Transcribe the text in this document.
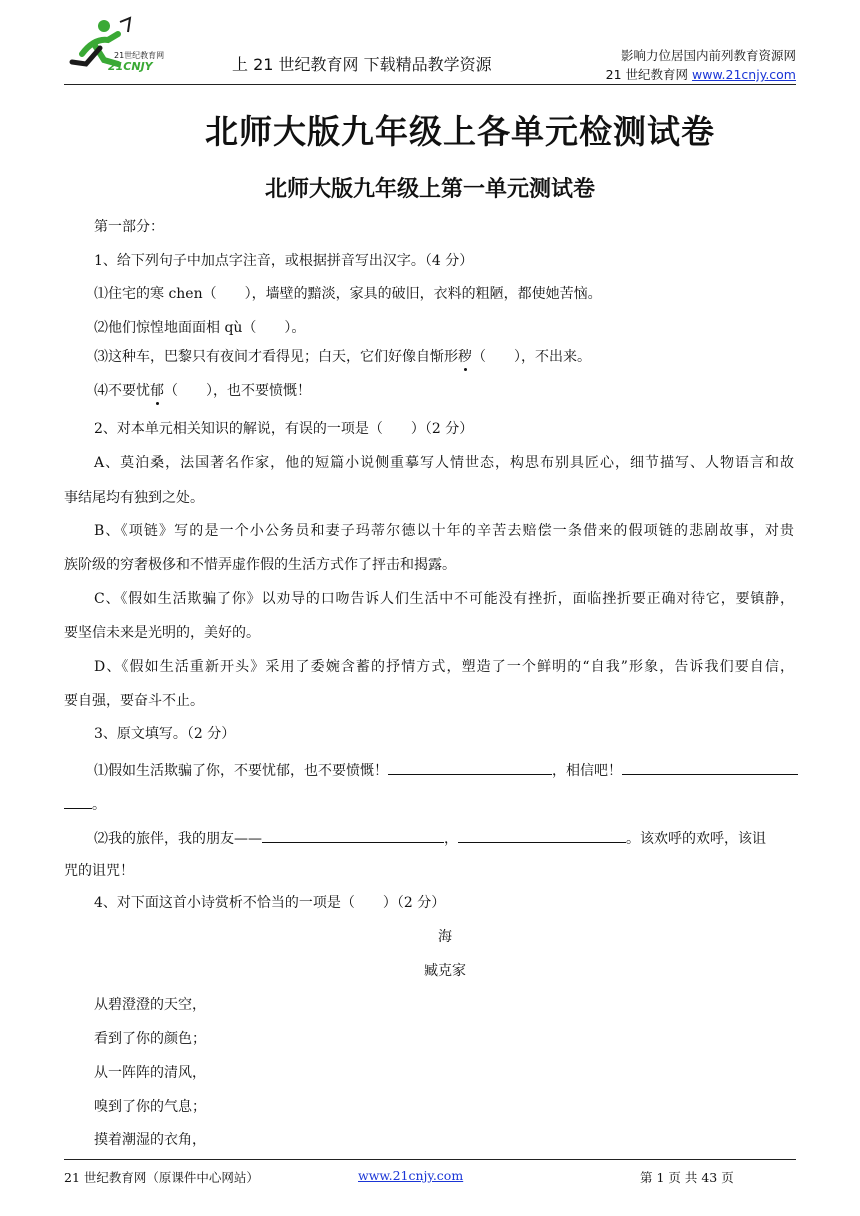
21世纪教育网
21CNJY	上 21 世纪教育网 下载精品教学资源	影响力位居国内前列教育资源网
21 世纪教育网 www.21cnjy.com
北师大版九年级上各单元检测试卷
北师大版九年级上第一单元测试卷
第一部分：
1、给下列句子中加点字注音，或根据拼音写出汉字。（4 分）
⑴住宅的寒 chen（　　），墙壁的黯淡，家具的破旧，衣料的粗陋，都使她苦恼。
⑵他们惊惶地面面相 qù（　　）。
⑶这种车，巴黎只有夜间才看得见；白天，它们好像自惭形秽（　　），不出来。
⑷不要忧郁（　　），也不要愤慨！
2、对本单元相关知识的解说，有误的一项是（　　）（2 分）
A、莫泊桑，法国著名作家，他的短篇小说侧重摹写人情世态，构思布别具匠心，细节描写、人物语言和故
事结尾均有独到之处。
B、《项链》写的是一个小公务员和妻子玛蒂尔德以十年的辛苦去赔偿一条借来的假项链的悲剧故事，对贵
族阶级的穷奢极侈和不惜弄虚作假的生活方式作了抨击和揭露。
C、《假如生活欺骗了你》以劝导的口吻告诉人们生活中不可能没有挫折，面临挫折要正确对待它，要镇静，
要坚信未来是光明的，美好的。
D、《假如生活重新开头》采用了委婉含蓄的抒情方式，塑造了一个鲜明的“自我”形象，告诉我们要自信，
要自强，要奋斗不止。
3、原文填写。（2 分）
⑴假如生活欺骗了你，不要忧郁，也不要愤慨！	，相信吧！
。
⑵我的旅伴，我的朋友——	，	。该欢呼的欢呼，该诅
咒的诅咒！
4、对下面这首小诗赏析不恰当的一项是（　　）（2 分）
海
臧克家
从碧澄澄的天空，
看到了你的颜色；
从一阵阵的清风，
嗅到了你的气息；
摸着潮湿的衣角，
21 世纪教育网（原课件中心网站）	www.21cnjy.com	第 1 页 共 43 页
